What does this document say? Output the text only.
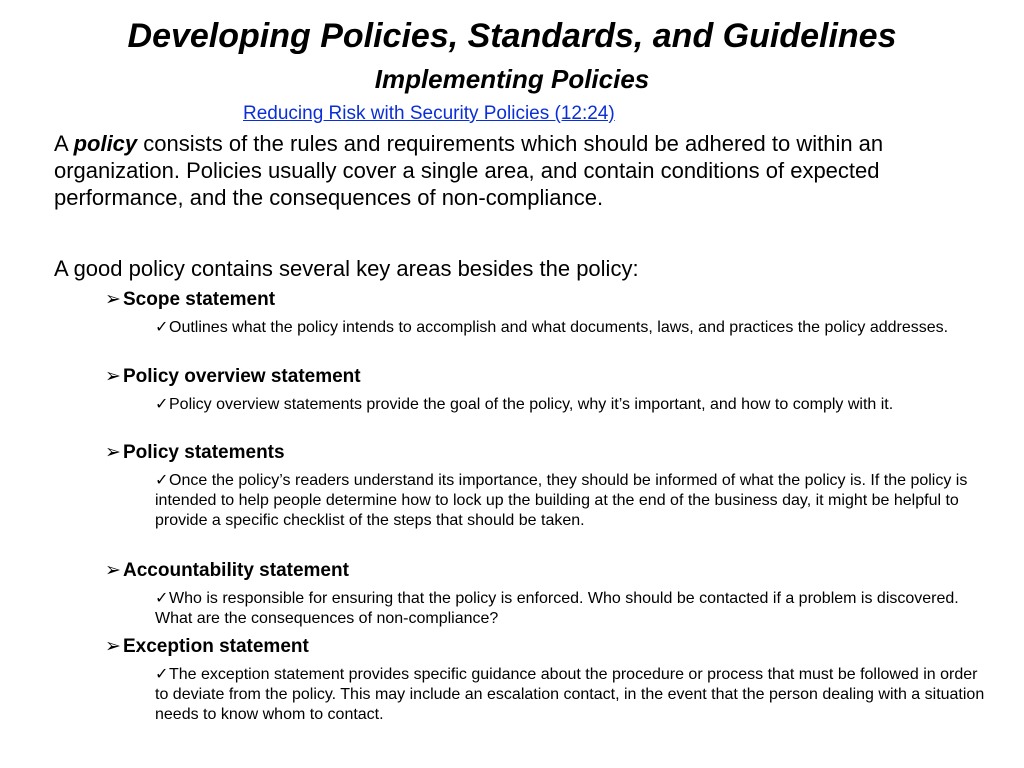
Developing Policies, Standards, and Guidelines
Implementing Policies
Reducing Risk with Security Policies (12:24)
A policy consists of the rules and requirements which should be adhered to within an organization. Policies usually cover a single area, and contain conditions of expected performance, and the consequences of non-compliance.
A good policy contains several key areas besides the policy:
➢ Scope statement
✓Outlines what the policy intends to accomplish and what documents, laws, and practices the policy addresses.
➢ Policy overview statement
✓Policy overview statements provide the goal of the policy, why it’s important, and how to comply with it.
➢ Policy statements
✓Once the policy’s readers understand its importance, they should be informed of what the policy is. If the policy is intended to help people determine how to lock up the building at the end of the business day, it might be helpful to provide a specific checklist of the steps that should be taken.
➢ Accountability statement
✓Who is responsible for ensuring that the policy is enforced. Who should be contacted if a problem is discovered. What are the consequences of non-compliance?
➢ Exception statement
✓The exception statement provides specific guidance about the procedure or process that must be followed in order to deviate from the policy. This may include an escalation contact, in the event that the person dealing with a situation needs to know whom to contact.
